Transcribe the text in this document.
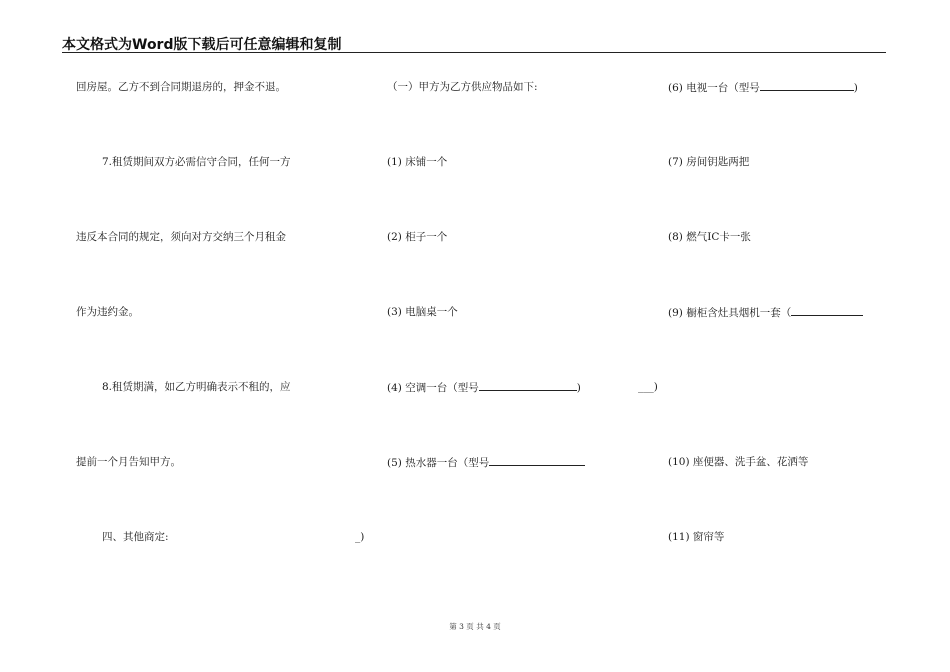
本文格式为Word版下载后可任意编辑和复制
回房屋。乙方不到合同期退房的，押金不退。
7.租赁期间双方必需信守合同，任何一方
违反本合同的规定，须向对方交纳三个月租金
作为违约金。
8.租赁期满，如乙方明确表示不租的，应
提前一个月告知甲方。
四、其他商定:	_)
（一）甲方为乙方供应物品如下:
(1) 床铺一个
(2) 柜子一个
(3) 电脑桌一个
(4) 空调一台（型号	)	___)
(5) 热水器一台（型号
(6) 电视一台（型号	)
(7) 房间钥匙两把
(8) 燃气IC卡一张
(9) 橱柜含灶具烟机一套（
(10) 座便器、洗手盆、花洒等
(11) 窗帘等
第 3 页 共 4 页
